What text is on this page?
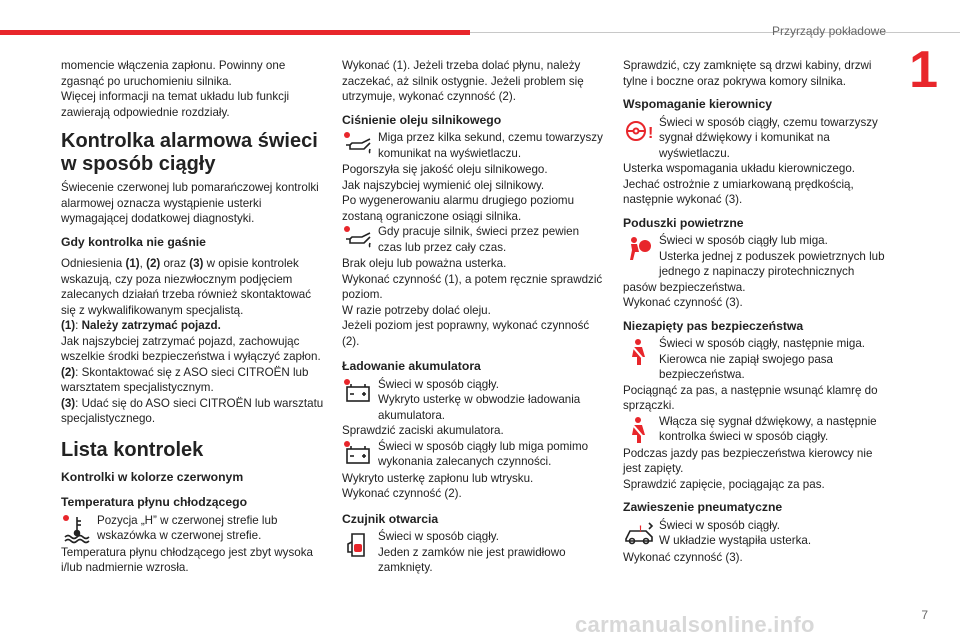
Przyrządy pokładowe
1

momencie włączenia zapłonu. Powinny one zgasnąć po uruchomieniu silnika.

Więcej informacji na temat układu lub funkcji zawierają odpowiednie rozdziały.

Kontrolka alarmowa świeci w sposób ciągły

Świecenie czerwonej lub pomarańczowej kontrolki alarmowej oznacza wystąpienie usterki wymagającej dodatkowej diagnostyki.

Gdy kontrolka nie gaśnie

Odniesienia (1), (2) oraz (3) w opisie kontrolek wskazują, czy poza niezwłocznym podjęciem zalecanych działań trzeba również skontaktować się z wykwalifikowanym specjalistą.

(1): Należy zatrzymać pojazd.

Jak najszybciej zatrzymać pojazd, zachowując wszelkie środki bezpieczeństwa i wyłączyć zapłon.

(2): Skontaktować się z ASO sieci CITROËN lub warsztatem specjalistycznym.

(3): Udać się do ASO sieci CITROËN lub warsztatu specjalistycznego.

Lista kontrolek
Kontrolki w kolorze czerwonym
Temperatura płynu chłodzącego
Pozycja „H” w czerwonej strefie lub wskazówka w czerwonej strefie.

Temperatura płynu chłodzącego jest zbyt wysoka i/lub nadmiernie wzrosła.

Wykonać (1). Jeżeli trzeba dolać płynu, należy zaczekać, aż silnik ostygnie. Jeżeli problem się utrzymuje, wykonać czynność (2).

Ciśnienie oleju silnikowego
Miga przez kilka sekund, czemu towarzyszy komunikat na wyświetlaczu.

Pogorszyła się jakość oleju silnikowego.

Jak najszybciej wymienić olej silnikowy.

Po wygenerowaniu alarmu drugiego poziomu zostaną ograniczone osiągi silnika.

Gdy pracuje silnik, świeci przez pewien czas lub przez cały czas.

Brak oleju lub poważna usterka.

Wykonać czynność (1), a potem ręcznie sprawdzić poziom.

W razie potrzeby dolać oleju.

Jeżeli poziom jest poprawny, wykonać czynność (2).

Ładowanie akumulatora
Świeci w sposób ciągły.
Wykryto usterkę w obwodzie ładowania akumulatora.

Sprawdzić zaciski akumulatora.

Świeci w sposób ciągły lub miga pomimo wykonania zalecanych czynności.

Wykryto usterkę zapłonu lub wtrysku.

Wykonać czynność (2).

Czujnik otwarcia
Świeci w sposób ciągły.
Jeden z zamków nie jest prawidłowo zamknięty.

Sprawdzić, czy zamknięte są drzwi kabiny, drzwi tylne i boczne oraz pokrywa komory silnika.

Wspomaganie kierownicy
!
Świeci w sposób ciągły, czemu towarzyszy sygnał dźwiękowy i komunikat na wyświetlaczu.

Usterka wspomagania układu kierowniczego.

Jechać ostrożnie z umiarkowaną prędkością, następnie wykonać (3).

Poduszki powietrzne
Świeci w sposób ciągły lub miga.
Usterka jednej z poduszek powietrznych lub jednego z napinaczy pirotechnicznych pasów bezpieczeństwa.

Wykonać czynność (3).

Niezapięty pas bezpieczeństwa
Świeci w sposób ciągły, następnie miga.
Kierowca nie zapiął swojego pasa bezpieczeństwa.

Pociągnąć za pas, a następnie wsunąć klamrę do sprzączki.

Włącza się sygnał dźwiękowy, a następnie kontrolka świeci w sposób ciągły.

Podczas jazdy pas bezpieczeństwa kierowcy nie jest zapięty.

Sprawdzić zapięcie, pociągając za pas.

Zawieszenie pneumatyczne
! Świeci w sposób ciągły.
W układzie wystąpiła usterka.

Wykonać czynność (3).

carmanualsonline.info	7
